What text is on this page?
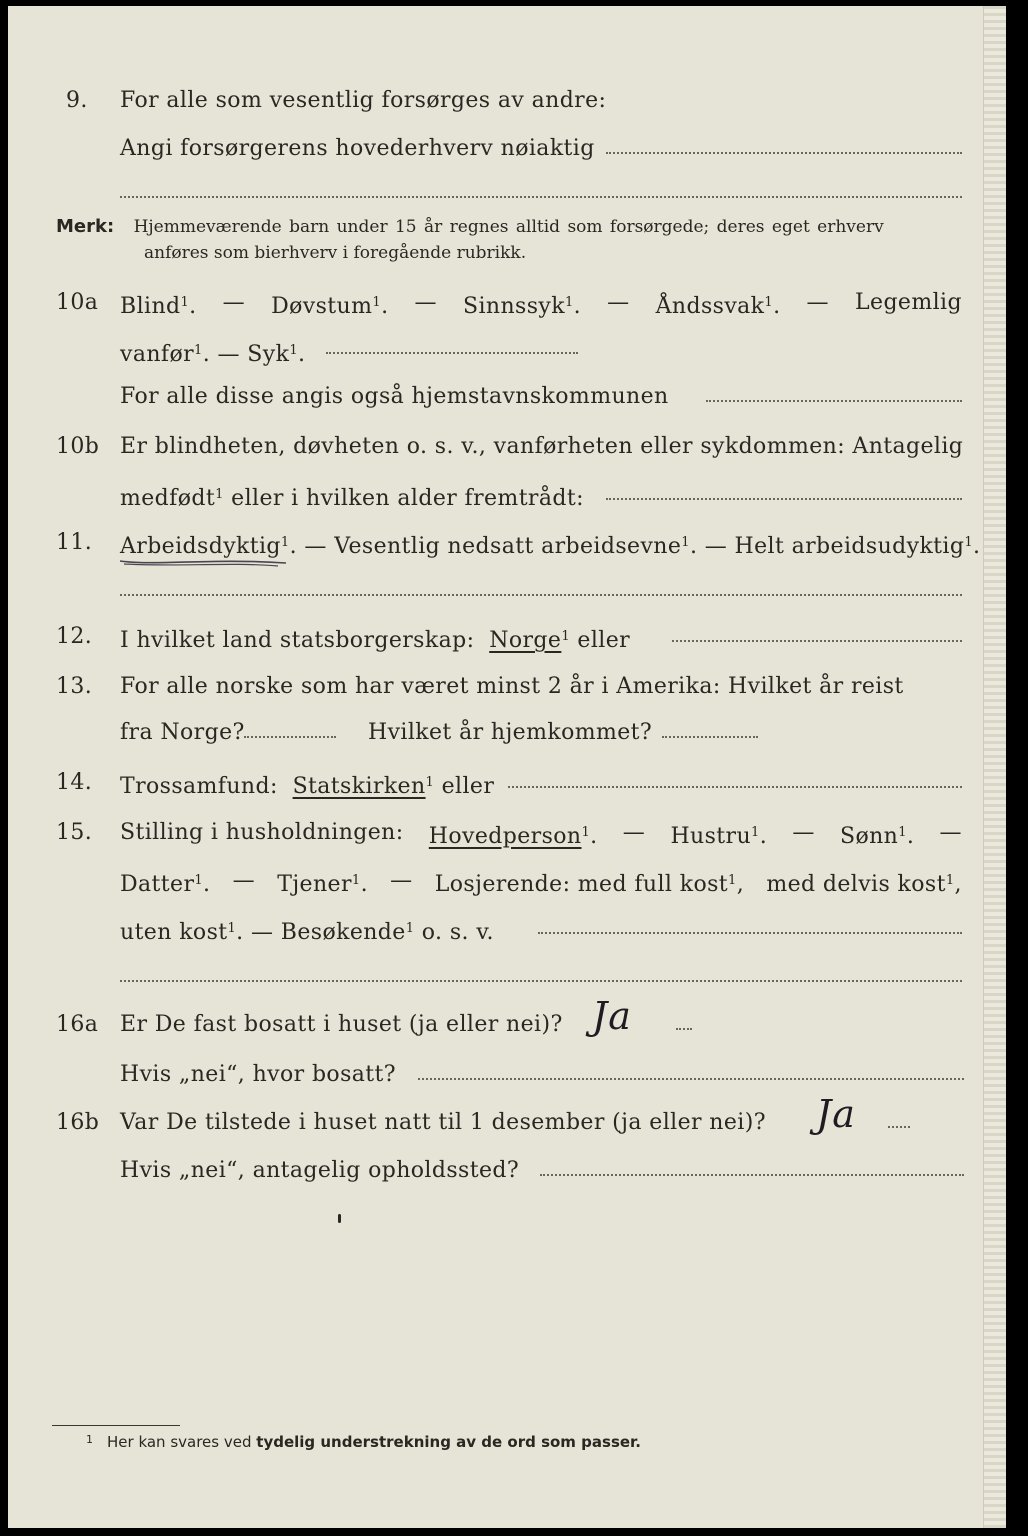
9.	For alle som vesentlig forsørges av andre:
Angi forsørgerens hovederhverv nøiaktig
Merk: Hjemmeværende barn under 15 år regnes alltid som forsørgede; deres eget erhverv
anføres som bierhverv i foregående rubrikk.
10a Blind$^1$. — Døvstum$^1$. — Sinnssyk$^1$. — Åndssvak$^1$. — Legemlig
vanfør$^1$. — Syk$^1$.
For alle disse angis også hjemstavnskommunen
10b Er blindheten, døvheten o. s. v., vanførheten eller sykdommen: Antagelig
medfødt$^1$ eller i hvilken alder fremtrådt:
11.	Arbeidsdyktig$^1$. — Vesentlig nedsatt arbeidsevne$^1$. — Helt arbeidsudyktig$^1$.
12.	I hvilket land statsborgerskap: Norge$^1$ eller
13.	For alle norske som har været minst 2 år i Amerika: Hvilket år reist
fra Norge?	Hvilket år hjemkommet?
14.	Trossamfund: Statskirken$^1$ eller
15.	Stilling i husholdningen: Hovedperson$^1$. — Hustru$^1$. — Sønn$^1$. —
Datter$^1$. — Tjener$^1$. — Losjerende: med full kost$^1$, med delvis kost$^1$,
uten kost$^1$. — Besøkende$^1$ o. s. v.
16a Er De fast bosatt i huset (ja eller nei)? Ja
Hvis „nei“, hvor bosatt?
16b Var De tilstede i huset natt til 1 desember (ja eller nei)? Ja
Hvis „nei“, antagelig opholdssted?
$^1$ Her kan svares ved tydelig understrekning av de ord som passer.
